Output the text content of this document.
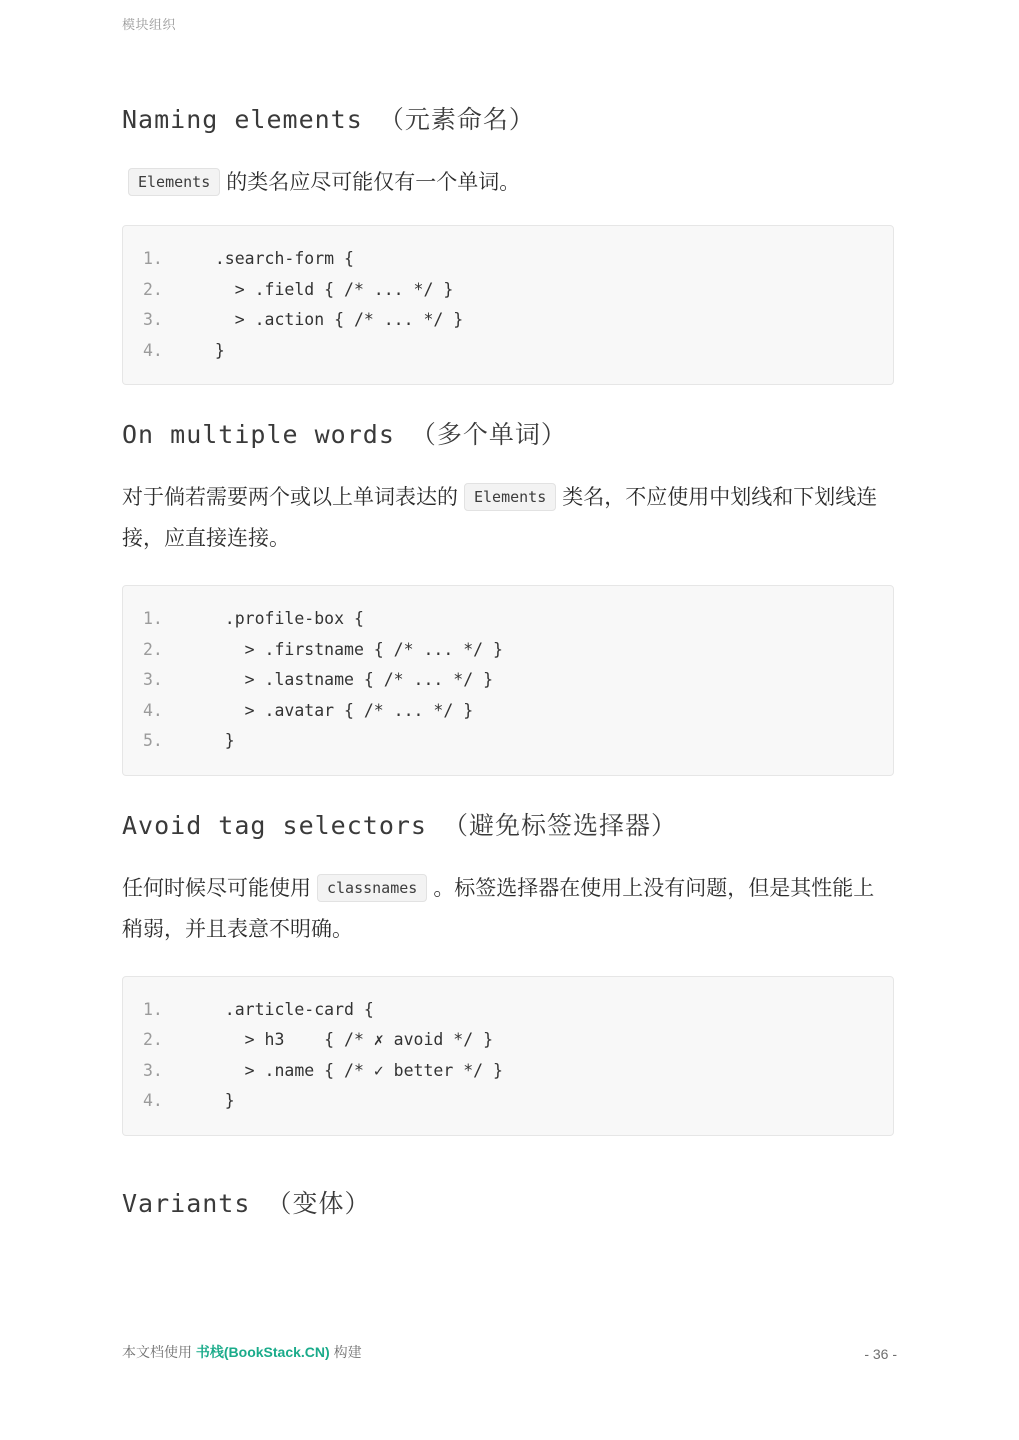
模块组织
Naming elements （元素命名）

Elements 的类名应尽可能仅有一个单词。

1.	.search-form {
2.	> .field { /* ... */ }
3.	> .action { /* ... */ }
4.	}
On multiple words （多个单词）

对于倘若需要两个或以上单词表达的 Elements 类名，不应使用中划线和下划线连接，应直接连接。

1.	.profile-box {
2.	> .firstname { /* ... */ }
3.	> .lastname { /* ... */ }
4.	> .avatar { /* ... */ }
5.	}
Avoid tag selectors （避免标签选择器）

任何时候尽可能使用 classnames 。标签选择器在使用上没有问题，但是其性能上稍弱，并且表意不明确。

1.	.article-card {
2.	> h3    { /* ✗ avoid */ }
3.	> .name { /* ✓ better */ }
4.	}
Variants （变体）
本文档使用 书栈(BookStack.CN) 构建	- 36 -
